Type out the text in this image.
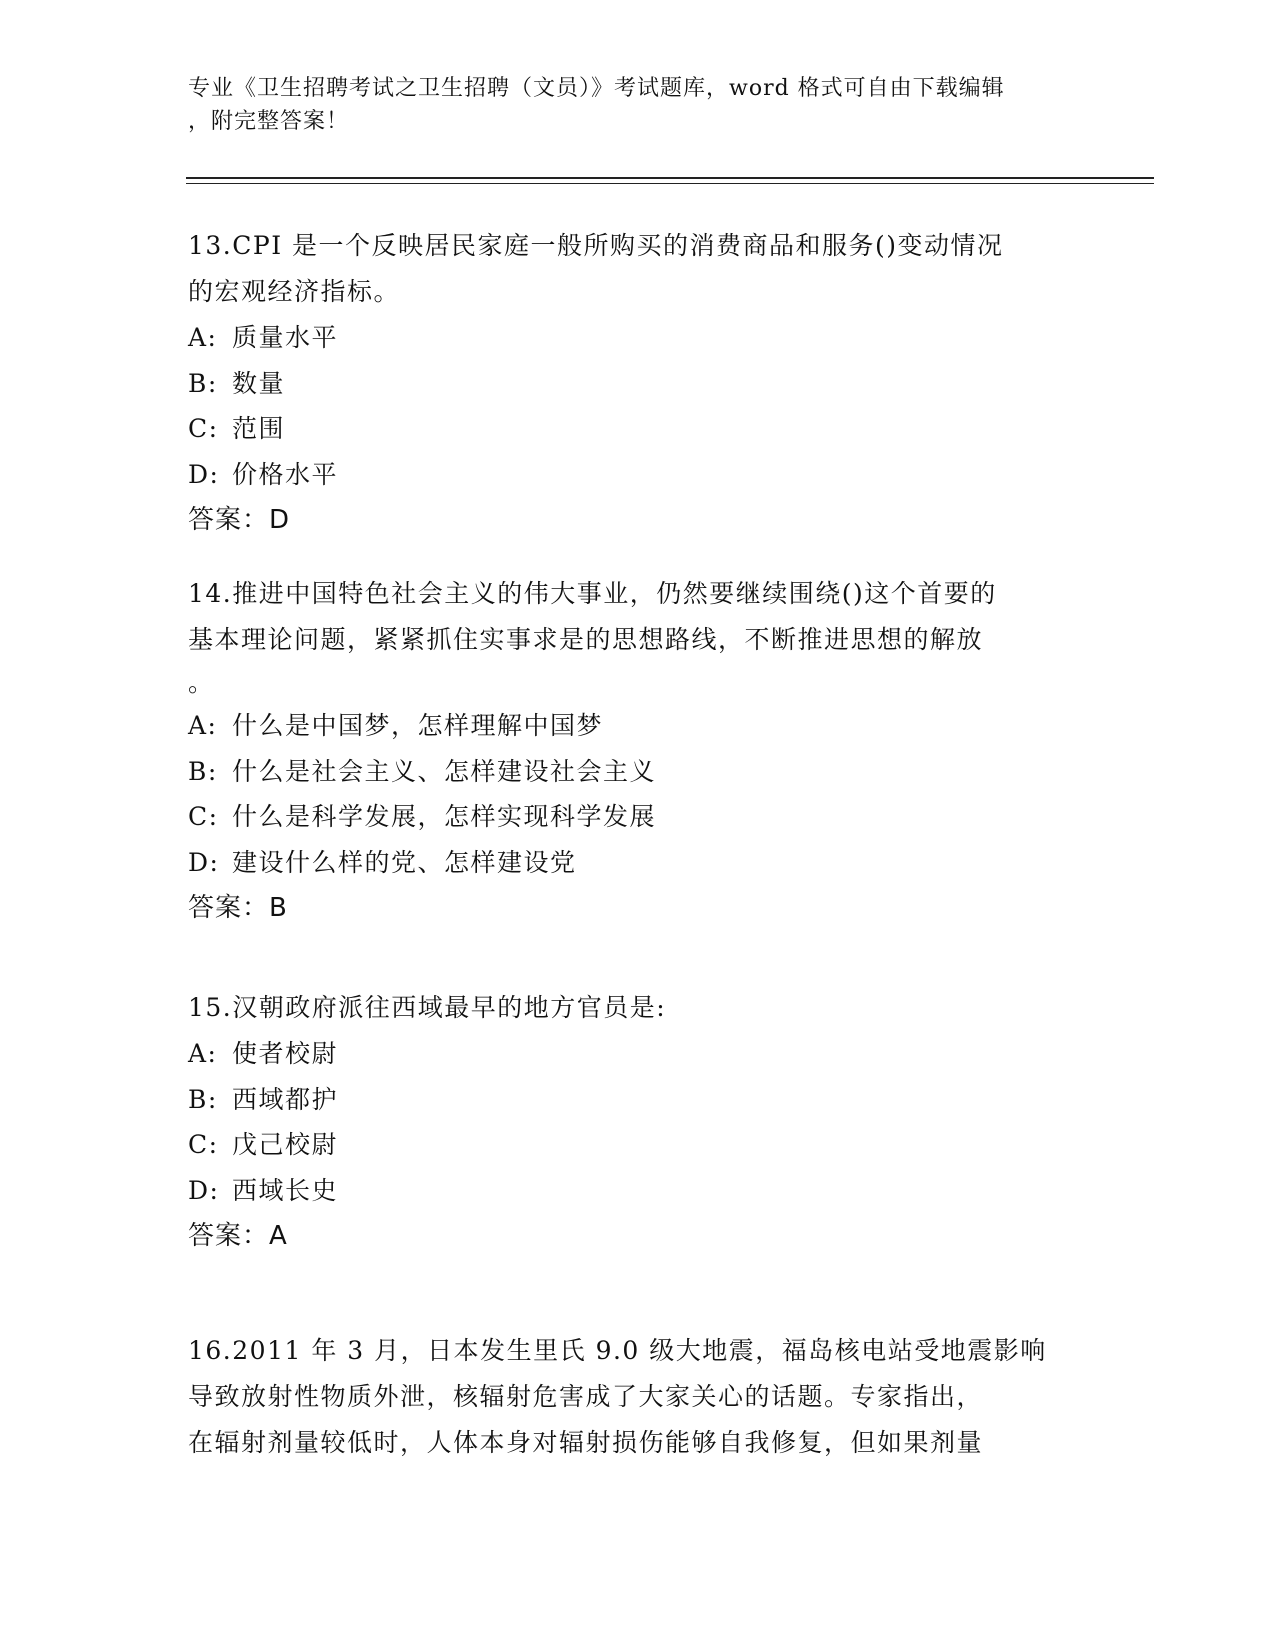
专业《卫生招聘考试之卫生招聘（文员）》考试题库，word 格式可自由下载编辑
，附完整答案！
13.CPI 是一个反映居民家庭一般所购买的消费商品和服务()变动情况
的宏观经济指标。
A: 质量水平
B: 数量
C: 范围
D: 价格水平
答案：D
14.推进中国特色社会主义的伟大事业，仍然要继续围绕()这个首要的
基本理论问题，紧紧抓住实事求是的思想路线，不断推进思想的解放
。
A: 什么是中国梦，怎样理解中国梦
B: 什么是社会主义、怎样建设社会主义
C: 什么是科学发展，怎样实现科学发展
D: 建设什么样的党、怎样建设党
答案：B
15.汉朝政府派往西域最早的地方官员是:
A: 使者校尉
B: 西域都护
C: 戊己校尉
D: 西域长史
答案：A
16.2011 年 3 月，日本发生里氏 9.0 级大地震，福岛核电站受地震影响
导致放射性物质外泄，核辐射危害成了大家关心的话题。专家指出，
在辐射剂量较低时，人体本身对辐射损伤能够自我修复，但如果剂量
